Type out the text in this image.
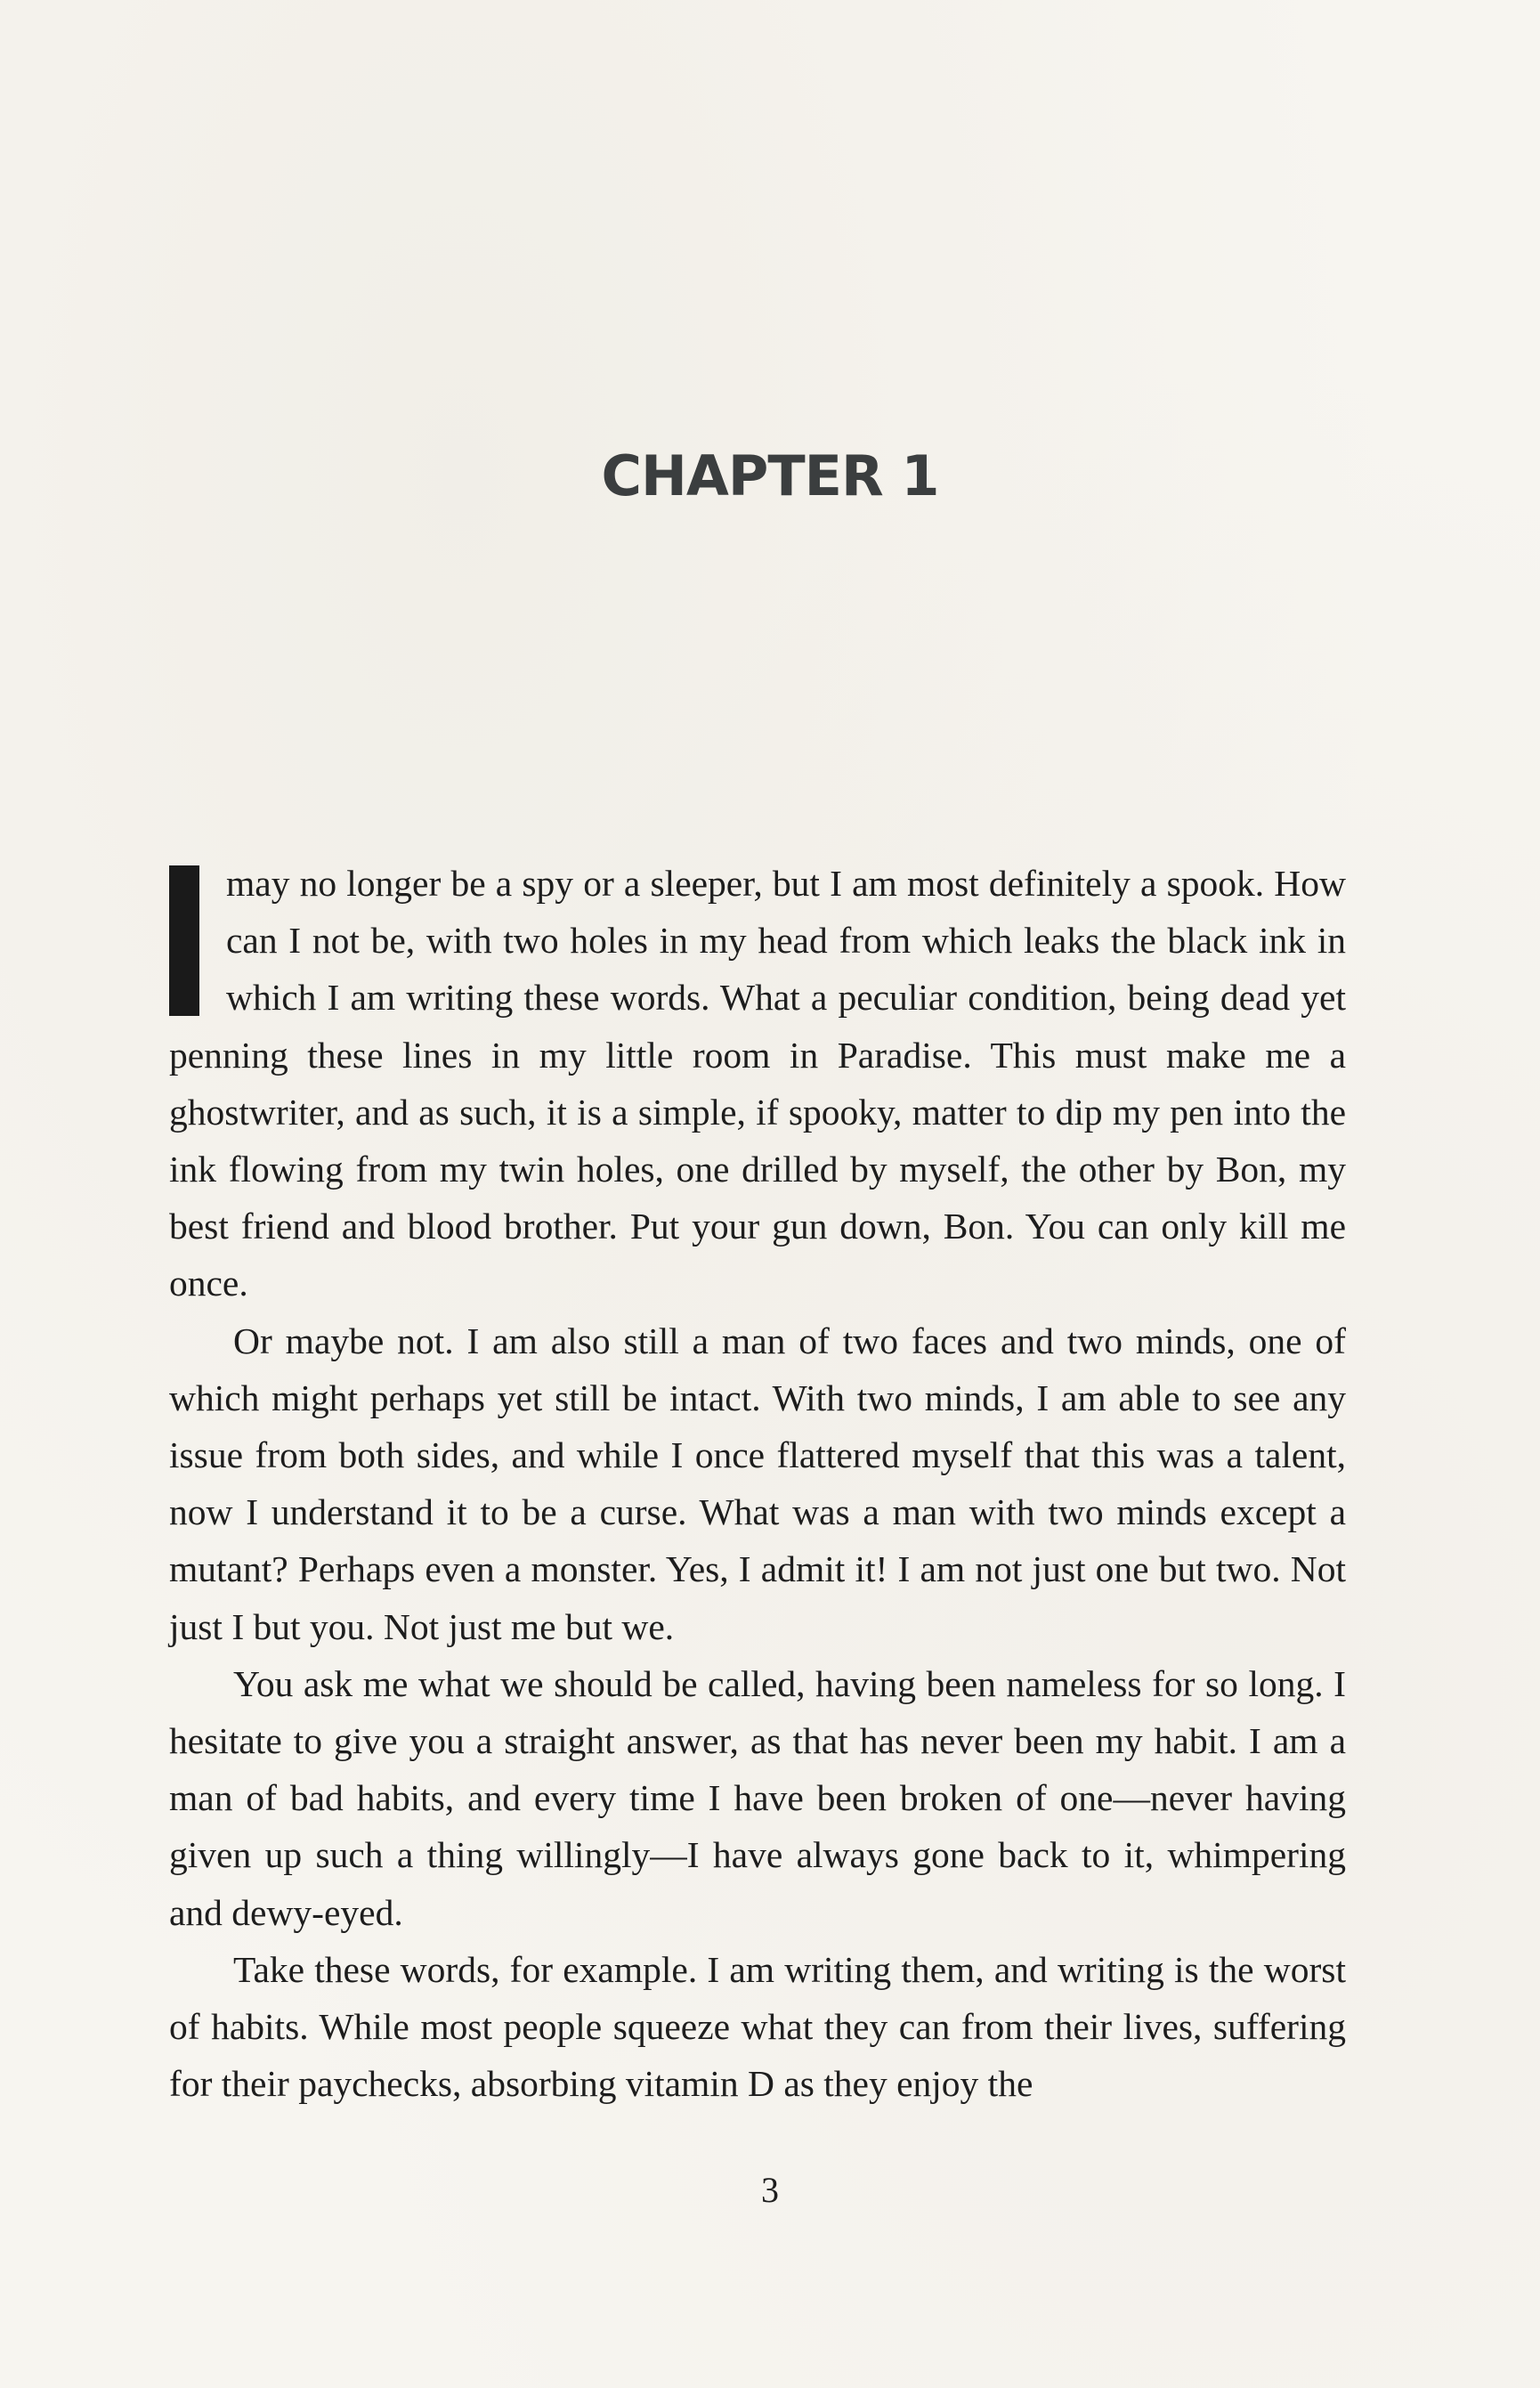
CHAPTER 1

may no longer be a spy or a sleeper, but I am most definitely a spook. How can I not be, with two holes in my head from which leaks the black ink in which I am writing these words. What a peculiar condition, being dead yet penning these lines in my little room in Paradise. This must make me a ghostwriter, and as such, it is a simple, if spooky, matter to dip my pen into the ink flowing from my twin holes, one drilled by myself, the other by Bon, my best friend and blood brother. Put your gun down, Bon. You can only kill me once.

Or maybe not. I am also still a man of two faces and two minds, one of which might perhaps yet still be intact. With two minds, I am able to see any issue from both sides, and while I once flattered myself that this was a talent, now I understand it to be a curse. What was a man with two minds except a mutant? Perhaps even a monster. Yes, I admit it! I am not just one but two. Not just I but you. Not just me but we.

You ask me what we should be called, having been nameless for so long. I hesitate to give you a straight answer, as that has never been my habit. I am a man of bad habits, and every time I have been broken of one—never having given up such a thing willingly—I have always gone back to it, whimpering and dewy-eyed.

Take these words, for example. I am writing them, and writing is the worst of habits. While most people squeeze what they can from their lives, suffering for their paychecks, absorbing vitamin D as they enjoy the

3
